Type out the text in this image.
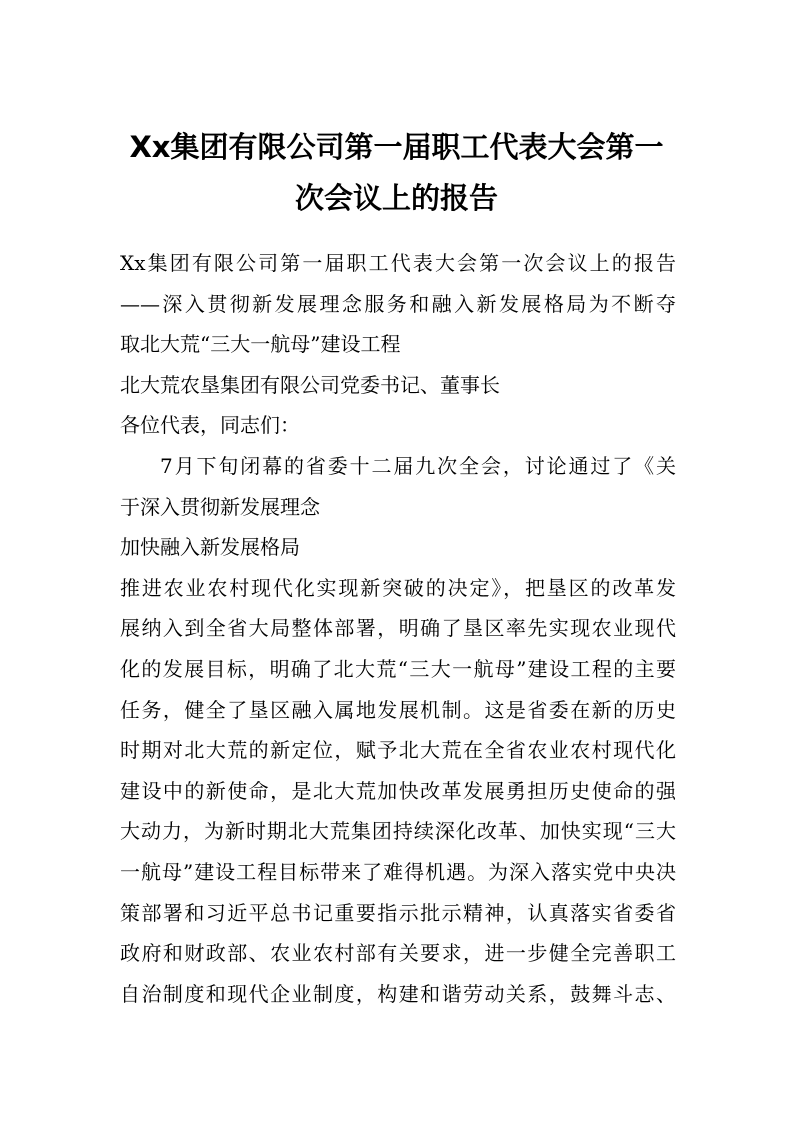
Xx集团有限公司第一届职工代表大会第一
次会议上的报告
Xx集团有限公司第一届职工代表大会第一次会议上的报告
——深入贯彻新发展理念服务和融入新发展格局为不断夺
取北大荒“三大一航母”建设工程
北大荒农垦集团有限公司党委书记、董事长
各位代表，同志们：
7月下旬闭幕的省委十二届九次全会，讨论通过了《关
于深入贯彻新发展理念
加快融入新发展格局
推进农业农村现代化实现新突破的决定》，把垦区的改革发
展纳入到全省大局整体部署，明确了垦区率先实现农业现代
化的发展目标，明确了北大荒“三大一航母”建设工程的主要
任务，健全了垦区融入属地发展机制。这是省委在新的历史
时期对北大荒的新定位，赋予北大荒在全省农业农村现代化
建设中的新使命，是北大荒加快改革发展勇担历史使命的强
大动力，为新时期北大荒集团持续深化改革、加快实现“三大
一航母”建设工程目标带来了难得机遇。为深入落实党中央决
策部署和习近平总书记重要指示批示精神，认真落实省委省
政府和财政部、农业农村部有关要求，进一步健全完善职工
自治制度和现代企业制度，构建和谐劳动关系，鼓舞斗志、
